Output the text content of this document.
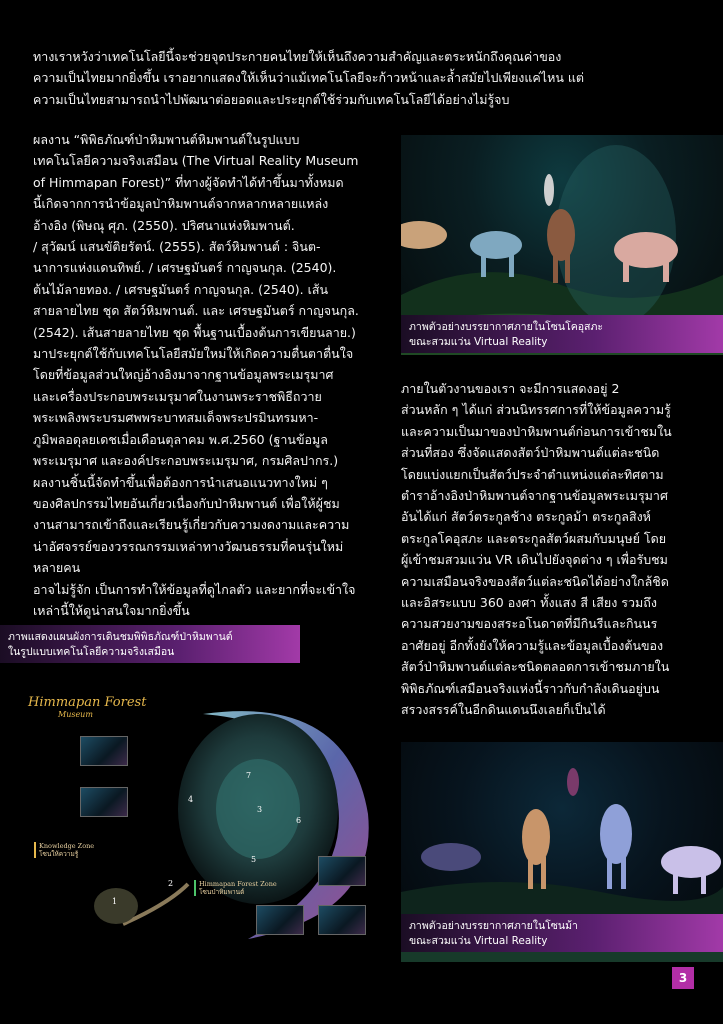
ทางเราหวังว่าเทคโนโลยีนี้จะช่วยจุดประกายคนไทยให้เห็นถึงความสำคัญและตระหนักถึงคุณค่าของ
ความเป็นไทยมากยิ่งขึ้น เราอยากแสดงให้เห็นว่าแม้เทคโนโลยีจะก้าวหน้าและล้ำสมัยไปเพียงแค่ไหน แต่
ความเป็นไทยสามารถนำไปพัฒนาต่อยอดและประยุกต์ใช้ร่วมกับเทคโนโลยีได้อย่างไม่รู้จบ

ผลงาน “พิพิธภัณฑ์ป่าหิมพานต์หิมพานต์ในรูปแบบ
เทคโนโลยีความจริงเสมือน (The Virtual Reality Museum
of Himmapan Forest)” ที่ทางผู้จัดทำได้ทำขึ้นมาทั้งหมด
นี้เกิดจากการนำข้อมูลป่าหิมพานต์จากหลากหลายแหล่ง
อ้างอิง (พิษณุ ศุภ. (2550). ปริศนาแห่งหิมพานต์.
/ สุวัฒน์ แสนขัติยรัตน์. (2555). สัตว์หิมพานต์ : จินต-
นาการแห่งแดนทิพย์. / เศรษฐมันตร์ กาญจนกุล. (2540).
ต้นไม้ลายทอง. / เศรษฐมันตร์ กาญจนกุล. (2540). เส้น
สายลายไทย ชุด สัตว์หิมพานต์. และ เศรษฐมันตร์ กาญจนกุล.
(2542). เส้นสายลายไทย ชุด พื้นฐานเบื้องต้นการเขียนลาย.)
มาประยุกต์ใช้กับเทคโนโลยีสมัยใหม่ให้เกิดความตื่นตาตื่นใจ
โดยที่ข้อมูลส่วนใหญ่อ้างอิงมาจากฐานข้อมูลพระเมรุมาศ
และเครื่องประกอบพระเมรุมาศในงานพระราชพิธีถวาย
พระเพลิงพระบรมศพพระบาทสมเด็จพระปรมินทรมหา-
ภูมิพลอดุลยเดชเมื่อเดือนตุลาคม พ.ศ.2560 (ฐานข้อมูล
พระเมรุมาศ และองค์ประกอบพระเมรุมาศ, กรมศิลปากร.)
ผลงานชิ้นนี้จัดทำขึ้นเพื่อต้องการนำเสนอแนวทางใหม่ ๆ
ของศิลปกรรมไทยอันเกี่ยวเนื่องกับป่าหิมพานต์ เพื่อให้ผู้ชม
งานสามารถเข้าถึงและเรียนรู้เกี่ยวกับความงดงามและความ
น่าอัศจรรย์ของวรรณกรรมเหล่าทางวัฒนธรรมที่คนรุ่นใหม่หลายคน
อาจไม่รู้จัก เป็นการทำให้ข้อมูลที่ดูไกลตัว และยากที่จะเข้าใจ
เหล่านี้ให้ดูน่าสนใจมากยิ่งขึ้น

ภาพตัวอย่างบรรยากาศภายในโซนโคอุสภะ
ขณะสวมแว่น Virtual Reality

ภายในตัวงานของเรา จะมีการแสดงอยู่ 2
ส่วนหลัก ๆ ได้แก่ ส่วนนิทรรศการที่ให้ข้อมูลความรู้
และความเป็นมาของป่าหิมพานต์ก่อนการเข้าชมใน
ส่วนที่สอง ซึ่งจัดแสดงสัตว์ป่าหิมพานต์แต่ละชนิด
โดยแบ่งแยกเป็นสัตว์ประจำตำแหน่งแต่ละทิศตาม
ตำราอ้างอิงป่าหิมพานต์จากฐานข้อมูลพระเมรุมาศ
อันได้แก่ สัตว์ตระกูลช้าง ตระกูลม้า ตระกูลสิงห์
ตระกูลโคอุสภะ และตระกูลสัตว์ผสมกับมนุษย์ โดย
ผู้เข้าชมสวมแว่น VR เดินไปยังจุดต่าง ๆ เพื่อรับชม
ความเสมือนจริงของสัตว์แต่ละชนิดได้อย่างใกล้ชิด
และอิสระแบบ 360 องศา ทั้งแสง สี เสียง รวมถึง
ความสวยงามของสระอโนดาตที่มีกินรีและกินนร
อาศัยอยู่ อีกทั้งยังให้ความรู้และข้อมูลเบื้องต้นของ
สัตว์ป่าหิมพานต์แต่ละชนิดตลอดการเข้าชมภายใน
พิพิธภัณฑ์เสมือนจริงแห่งนี้ราวกับกำลังเดินอยู่บน
สรวงสรรค์ในอีกดินแดนนึงเลยก็เป็นได้

ภาพแสดงแผนผังการเดินชมพิพิธภัณฑ์ป่าหิมพานต์
ในรูปแบบเทคโนโลยีความจริงเสมือน
Himmapan Forest
Museum
Knowledge Zone
โซนให้ความรู้
Himmapan Forest Zone
โซนป่าหิมพานต์
1
2
3
4
5
6
7
ภาพตัวอย่างบรรยากาศภายในโซนม้า
ขณะสวมแว่น Virtual Reality
3
